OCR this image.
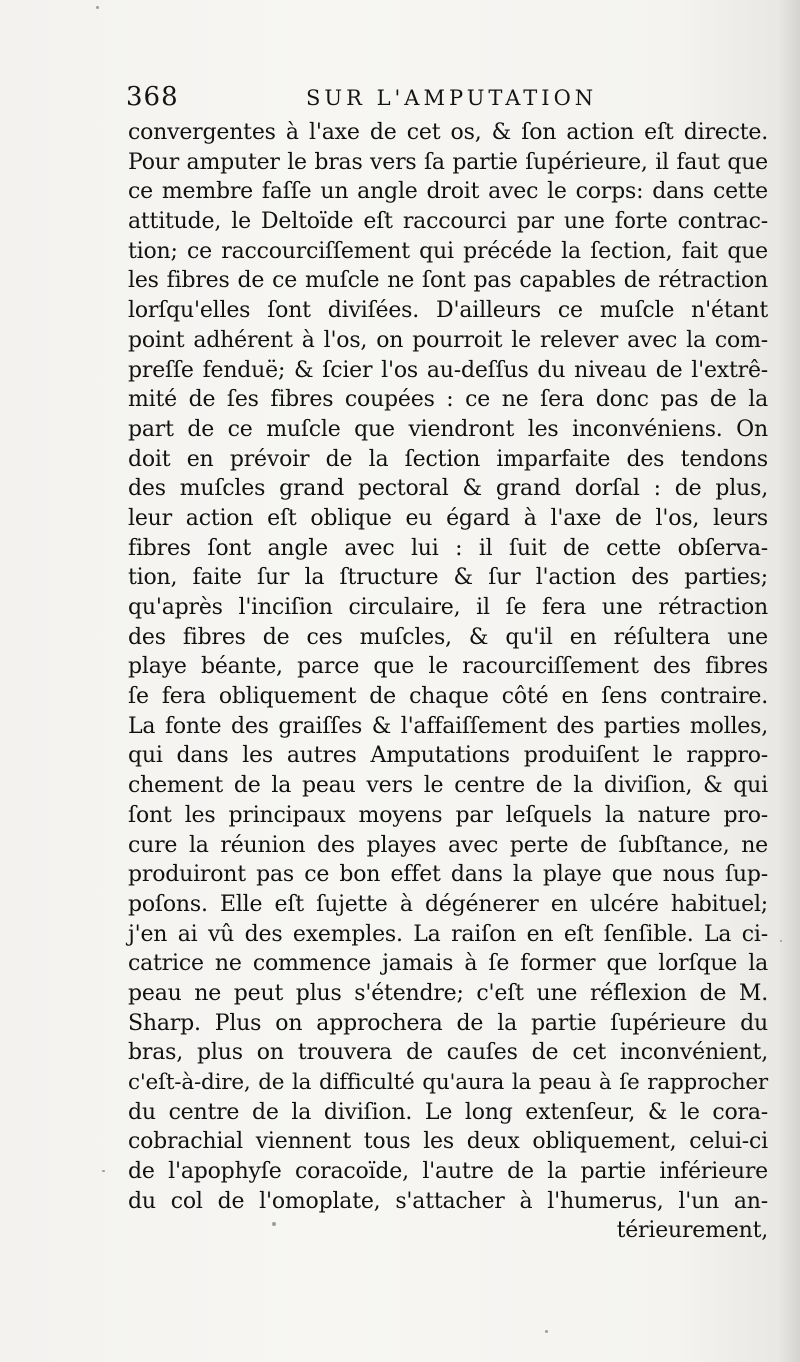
368	SUR L'AMPUTATION
convergentes à l'axe de cet os, & ſon action eſt directe.
Pour amputer le bras vers ſa partie ſupérieure, il faut que
ce membre faſſe un angle droit avec le corps: dans cette
attitude, le Deltoïde eſt raccourci par une forte contrac-
tion; ce raccourciſſement qui précéde la ſection, fait que
les fibres de ce muſcle ne ſont pas capables de rétraction
lorſqu'elles ſont diviſées. D'ailleurs ce muſcle n'étant
point adhérent à l'os, on pourroit le relever avec la com-
preſſe fenduë; & ſcier l'os au-deſſus du niveau de l'extrê-
mité de ſes fibres coupées : ce ne ſera donc pas de la
part de ce muſcle que viendront les inconvéniens. On
doit en prévoir de la ſection imparfaite des tendons
des muſcles grand pectoral & grand dorſal : de plus,
leur action eſt oblique eu égard à l'axe de l'os, leurs
fibres ſont angle avec lui : il ſuit de cette obſerva-
tion, faite ſur la ſtructure & ſur l'action des parties;
qu'après l'inciſion circulaire, il ſe fera une rétraction
des fibres de ces muſcles, & qu'il en réſultera une
playe béante, parce que le racourciſſement des fibres
ſe fera obliquement de chaque côté en ſens contraire.
La fonte des graiſſes & l'affaiſſement des parties molles,
qui dans les autres Amputations produiſent le rappro-
chement de la peau vers le centre de la diviſion, & qui
ſont les principaux moyens par leſquels la nature pro-
cure la réunion des playes avec perte de ſubſtance, ne
produiront pas ce bon effet dans la playe que nous ſup-
poſons. Elle eſt ſujette à dégénerer en ulcére habituel;
j'en ai vû des exemples. La raiſon en eſt ſenſible. La ci-
catrice ne commence jamais à ſe former que lorſque la
peau ne peut plus s'étendre; c'eſt une réflexion de M.
Sharp. Plus on approchera de la partie ſupérieure du
bras, plus on trouvera de cauſes de cet inconvénient,
c'eſt-à-dire, de la difficulté qu'aura la peau à ſe rapprocher
du centre de la diviſion. Le long extenſeur, & le cora-
cobrachial viennent tous les deux obliquement, celui-ci
de l'apophyſe coracoïde, l'autre de la partie inférieure
du col de l'omoplate, s'attacher à l'humerus, l'un an-
térieurement,
